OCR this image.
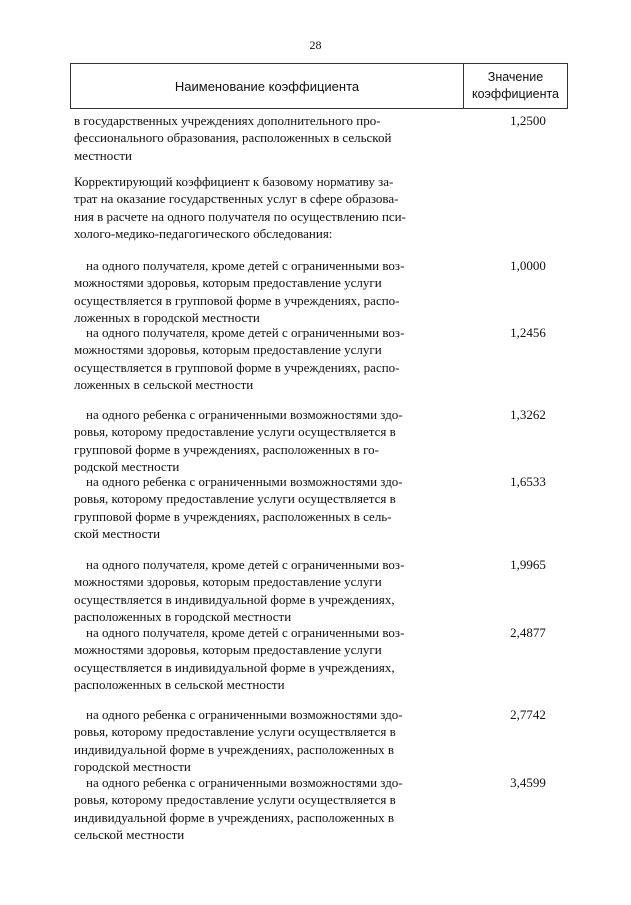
28
Наименование коэффициента
Значение
коэффициента
в государственных учреждениях дополнительного про-
фессионального образования, расположенных в сельской
местности
1,2500
Корректирующий коэффициент к базовому нормативу за-
трат на оказание государственных услуг в сфере образова-
ния в расчете на одного получателя по осуществлению пси-
холого-медико-педагогического обследования:
на одного получателя, кроме детей с ограниченными воз-
можностями здоровья, которым предоставление услуги
осуществляется в групповой форме в учреждениях, распо-
ложенных в городской местности
1,0000
на одного получателя, кроме детей с ограниченными воз-
можностями здоровья, которым предоставление услуги
осуществляется в групповой форме в учреждениях, распо-
ложенных в сельской местности
1,2456
на одного ребенка с ограниченными возможностями здо-
ровья, которому предоставление услуги осуществляется в
групповой форме в учреждениях, расположенных в го-
родской местности
1,3262
на одного ребенка с ограниченными возможностями здо-
ровья, которому предоставление услуги осуществляется в
групповой форме в учреждениях, расположенных в сель-
ской местности
1,6533
на одного получателя, кроме детей с ограниченными воз-
можностями здоровья, которым предоставление услуги
осуществляется в индивидуальной форме в учреждениях,
расположенных в городской местности
1,9965
на одного получателя, кроме детей с ограниченными воз-
можностями здоровья, которым предоставление услуги
осуществляется в индивидуальной форме в учреждениях,
расположенных в сельской местности
2,4877
на одного ребенка с ограниченными возможностями здо-
ровья, которому предоставление услуги осуществляется в
индивидуальной форме в учреждениях, расположенных в
городской местности
2,7742
на одного ребенка с ограниченными возможностями здо-
ровья, которому предоставление услуги осуществляется в
индивидуальной форме в учреждениях, расположенных в
сельской местности
3,4599
